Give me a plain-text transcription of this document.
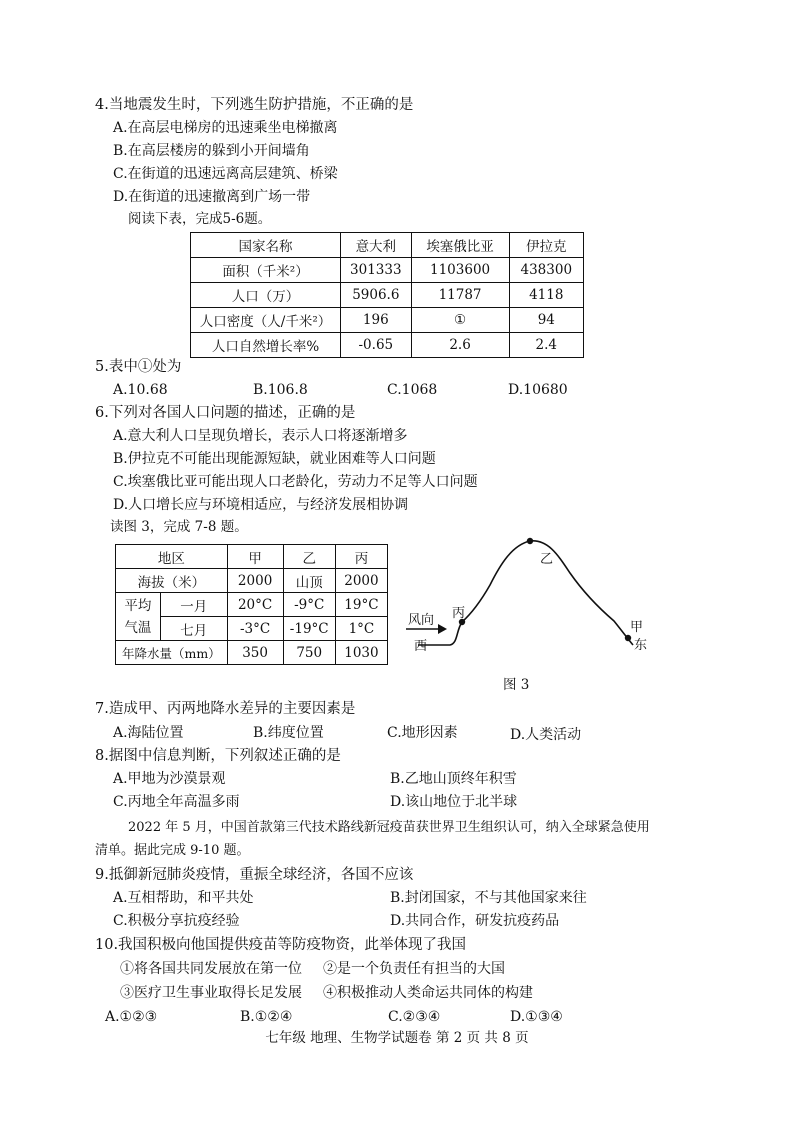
4.当地震发生时，下列逃生防护措施，不正确的是
A.在高层电梯房的迅速乘坐电梯撤离
B.在高层楼房的躲到小开间墙角
C.在街道的迅速远离高层建筑、桥梁
D.在街道的迅速撤离到广场一带
阅读下表，完成5-6题。
国家名称	意大利	埃塞俄比亚	伊拉克
面积（千米²）	301333	1103600	438300
人口（万）	5906.6	11787	4118
人口密度（人/千米²）	196	①	94
人口自然增长率%	-0.65	2.6	2.4
5.表中①处为
A.10.68	B.106.8	C.1068	D.10680
6.下列对各国人口问题的描述，正确的是
A.意大利人口呈现负增长，表示人口将逐渐增多
B.伊拉克不可能出现能源短缺，就业困难等人口问题
C.埃塞俄比亚可能出现人口老龄化，劳动力不足等人口问题
D.人口增长应与环境相适应，与经济发展相协调
读图 3，完成 7-8 题。
地区		甲	乙	丙
海拔（米）		2000	山顶	2000

平均
气温	一月	20°C	-9°C	19°C
	七月	-3°C	-19°C	1°C
年降水量（mm）		350	750	1030
风向
西
丙
乙
甲
东
图 3
7.造成甲、丙两地降水差异的主要因素是
A.海陆位置	B.纬度位置	C.地形因素	D.人类活动
8.据图中信息判断，下列叙述正确的是
A.甲地为沙漠景观	B.乙地山顶终年积雪
C.丙地全年高温多雨	D.该山地位于北半球
2022 年 5 月，中国首款第三代技术路线新冠疫苗获世界卫生组织认可，纳入全球紧急使用
清单。据此完成 9-10 题。
9.抵御新冠肺炎疫情，重振全球经济，各国不应该
A.互相帮助，和平共处	B.封闭国家，不与其他国家来往
C.积极分享抗疫经验	D.共同合作，研发抗疫药品
10.我国积极向他国提供疫苗等防疫物资，此举体现了我国
①将各国共同发展放在第一位 ②是一个负责任有担当的大国
③医疗卫生事业取得长足发展 ④积极推动人类命运共同体的构建
A.①②③	B.①②④	C.②③④	D.①③④
七年级 地理、生物学试题卷 第 2 页 共 8 页
